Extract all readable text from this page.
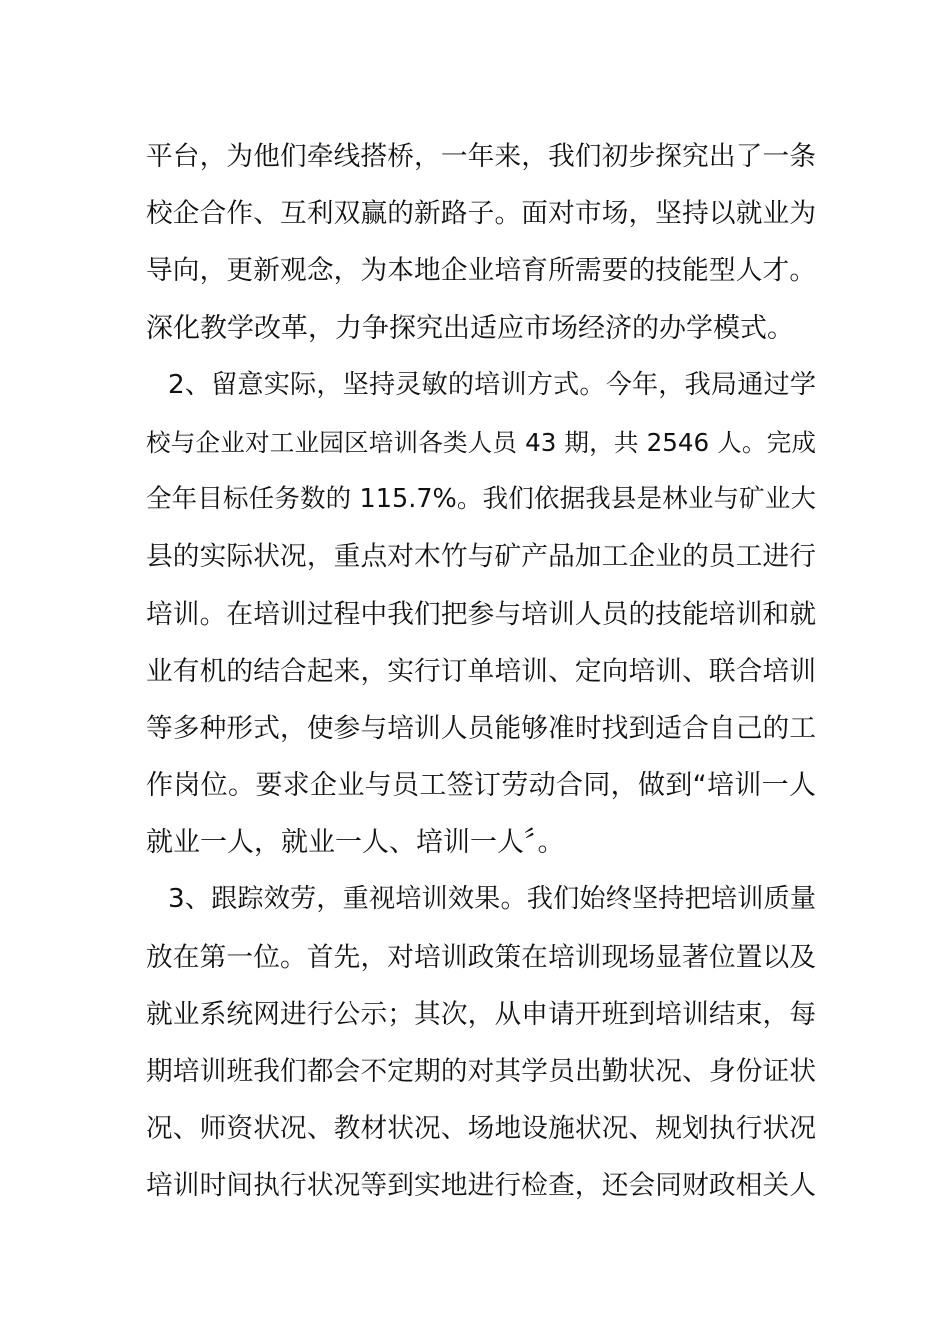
平台，为他们牵线搭桥，一年来，我们初步探究出了一条
校企合作、互利双赢的新路子。面对市场，坚持以就业为
导向，更新观念，为本地企业培育所需要的技能型人才。
深化教学改革，力争探究出适应市场经济的办学模式。
2、留意实际，坚持灵敏的培训方式。今年，我局通过学
校与企业对工业园区培训各类人员 43 期，共 2546 人。完成
全年目标任务数的 115.7%。我们依据我县是林业与矿业大
县的实际状况，重点对木竹与矿产品加工企业的员工进行
培训。在培训过程中我们把参与培训人员的技能培训和就
业有机的结合起来，实行订单培训、定向培训、联合培训
等多种形式，使参与培训人员能够准时找到适合自己的工
作岗位。要求企业与员工签订劳动合同，做到“培训一人
就业一人，就业一人、培训一人〞。
3、跟踪效劳，重视培训效果。我们始终坚持把培训质量
放在第一位。首先，对培训政策在培训现场显著位置以及
就业系统网进行公示；其次，从申请开班到培训结束，每
期培训班我们都会不定期的对其学员出勤状况、身份证状
况、师资状况、教材状况、场地设施状况、规划执行状况
培训时间执行状况等到实地进行检查，还会同财政相关人
